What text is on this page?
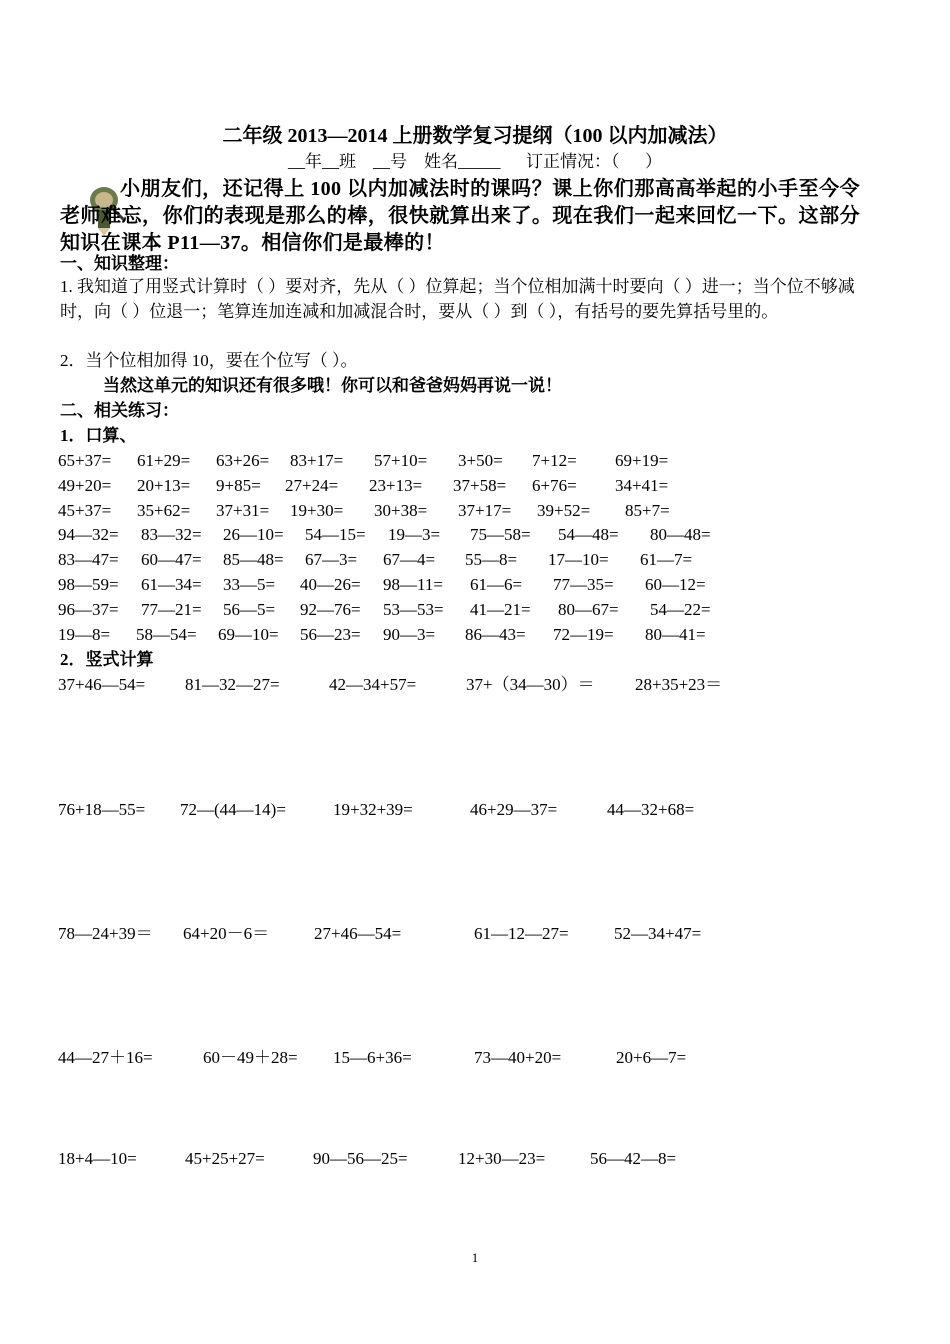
二年级 2013—2014 上册数学复习提纲（100 以内加减法）
__年__班    __号    姓名_____      订正情况：（      ）
小朋友们，还记得上 100 以内加减法时的课吗？课上你们那高高举起的小手至今令老师难忘，你们的表现是那么的棒，很快就算出来了。现在我们一起来回忆一下。这部分知识在课本 P11—37。相信你们是最棒的！
一、知识整理：
1. 我知道了用竖式计算时（ ）要对齐，先从（ ）位算起；当个位相加满十时要向（ ）进一；当个位不够减时，向（ ）位退一；笔算连加连减和加减混合时，要从（ ）到（ ），有括号的要先算括号里的。
2．当个位相加得 10，要在个位写（ ）。
当然这单元的知识还有很多哦！你可以和爸爸妈妈再说一说！
二、相关练习：
1．口算、
65+37= 61+29= 63+26= 83+17= 57+10= 3+50= 7+12= 69+19=
49+20= 20+13= 9+85= 27+24= 23+13= 37+58= 6+76= 34+41=
45+37= 35+62= 37+31= 19+30= 30+38= 37+17= 39+52= 85+7=
94—32= 83—32= 26—10= 54—15= 19—3= 75—58= 54—48= 80—48=
83—47= 60—47= 85—48= 67—3= 67—4= 55—8= 17—10= 61—7=
98—59= 61—34= 33—5= 40—26= 98—11= 61—6= 77—35= 60—12=
96—37= 77—21= 56—5= 92—76= 53—53= 41—21= 80—67= 54—22=
19—8= 58—54= 69—10= 56—23= 90—3= 86—43= 72—19= 80—41=
2．竖式计算
37+46—54= 81—32—27=	42—34+57=	37+（34—30）＝ 28+35+23＝
76+18—55= 72—(44—14)=	19+32+39=	46+29—37=	44—32+68=
78—24+39＝ 64+20－6＝	27+46—54=	61—12—27=	52—34+47=
44—27＋16=	60－49＋28= 15—6+36=	73—40+20=	20+6—7=
18+4—10=	45+25+27=	90—56—25=	12+30—23=	56—42—8=
1
